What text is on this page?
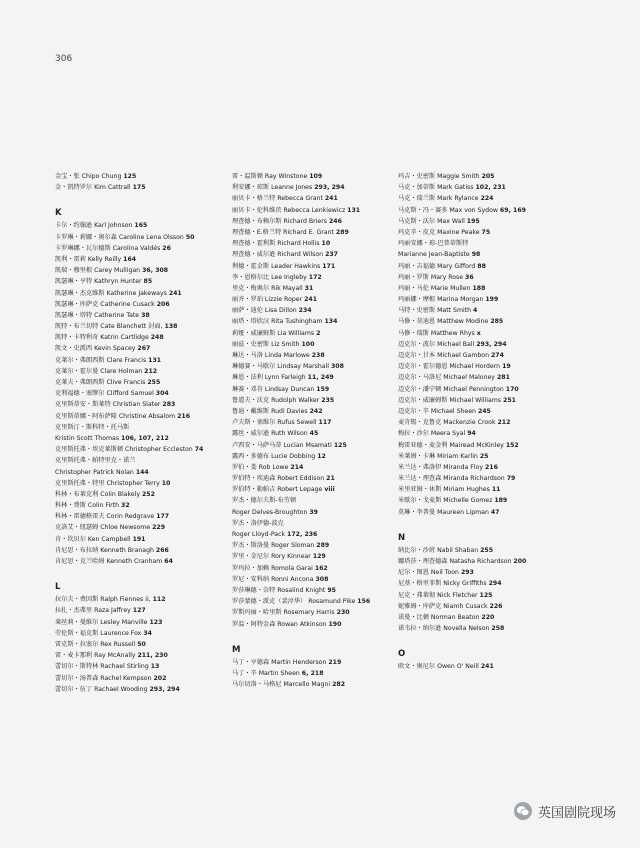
306
金宝・张 Chipo Chung 125
金・凯特罗尔 Kim Cattrall 175
K
卡尔・约翰逊 Karl Johnson 165
卡罗琳・莉娜・奥尔森 Caroline Lena Olsson 50
卡罗琳娜・瓦尔德斯 Carolina Valdés 26
凯利・雷莉 Kelly Reilly 164
凯瑞・穆里根 Carey Mulligan 36, 308
凯瑟琳・亨特 Kathryn Hunter 85
凯瑟琳・杰克维斯 Katherine Jakeways 241
凯瑟琳・库萨克 Catherine Cusack 206
凯瑟琳・塔特 Catherine Tate 38
凯特・布兰切特 Cate Blanchett 封面, 138
凯特・卡特利奇 Katrin Cartlidge 248
凯文・史派西 Kevin Spacey 267
克莱尔・弗朗西斯 Clare Francis 131
克莱尔・霍尔曼 Clare Holman 212
克莱夫・弗朗西斯 Clive Francis 255
克利福德・塞缪尔 Clifford Samuel 304
克里斯蒂安・斯莱特 Christian Slater 283
克里斯蒂娜・阿布萨隆 Christine Absalom 216
克里斯汀・斯科特・托马斯
Kristin Scott Thomas 106, 107, 212
克里斯托弗・埃克莱斯顿 Christopher Eccleston 74
克里斯托弗・帕特里克・诺兰
Christopher Patrick Nolan 144
克里斯托弗・特里 Christopher Terry 10
科林・布莱克利 Colin Blakely 252
科林・费斯 Colin Firth 32
科林・雷德格雷夫 Corin Redgrave 177
克洛艾・纽瑟姆 Chloe Newsome 229
肯・坎贝尔 Ken Campbell 191
肯尼思・布拉纳 Kenneth Branagh 266
肯尼思・克兰哈姆 Kenneth Cranham 64
L
拉尔夫・费因斯 Ralph Fiennes ii, 112
拉扎・杰弗里 Raza Jaffrey 127
莱丝莉・曼维尔 Lesley Manville 123
劳伦斯・福克斯 Laurence Fox 34
雷克斯・拉塞尔 Rex Russell 50
雷・麦卡那利 Ray McAnally 211, 230
蕾切尔・斯特林 Rachael Stirling 13
蕾切尔・汤普森 Rachel Kempson 202
蕾切尔・伍丁 Rachael Wooding 293, 294
雷・温斯顿 Ray Winstone 109
利安娜・琼斯 Leanne Jones 293, 294
丽贝卡・格兰特 Rebecca Grant 241
丽贝卡・伦科维茨 Rebecca Lenkiewicz 131
理查德・布赖尔斯 Richard Briers 246
理查德・E.格兰特 Richard E. Grant 289
理查德・霍利斯 Richard Hollis 10
理查德・威尔逊 Richard Wilson 237
利德・霍金斯 Leader Hawkins 171
李・恩格尔比 Lee Ingleby 172
里克・梅奥尔 Rik Mayall 31
丽齐・罗珀 Lizzie Roper 241
丽萨・迪伦 Lisa Dillon 234
丽塔・塔欣汉 Rita Tushingham 134
莉娅・威廉姆斯 Lia Williams 2
丽兹・史密斯 Liz Smith 100
琳达・马洛 Linda Marlowe 238
琳德赛・马歇尔 Lindsay Marshall 308
琳恩・法利 Lynn Farleigh 11, 249
琳赛・邓肯 Lindsay Duncan 159
鲁道夫・沃克 Rudolph Walker 235
鲁迪・戴维斯 Rudi Davies 242
卢夫斯・塞维尔 Rufus Sewell 117
露丝・威尔逊 Ruth Wilson 45
卢西安・马萨马蒂 Lucian Msamati 125
露西・多德布 Lucie Dobbing 12
罗伯・娄 Rob Lowe 214
罗伯特・埃迪森 Robert Eddison 21
罗伯特・勒帕吉 Robert Lepage viii
罗杰・德尔夫斯-布劳顿
Roger Delves-Broughton 39
罗杰・洛伊德-波克
Roger Lloyd-Pack 172, 236
罗杰・斯洛曼 Roger Sloman 289
罗里・金尼尔 Rory Kinnear 129
罗玛拉・加赖 Romola Garai 162
罗尼・安科纳 Ronni Ancona 308
罗莎琳德・奈特 Rosalind Knight 95
罗莎蒙德・派克（裴淳华） Rosamund Pike 156
罗斯玛丽・哈里斯 Rosemary Harris 230
罗温・阿特金森 Rowan Atkinson 190
M
马丁・亨德森 Martin Henderson 219
马丁・辛 Martin Sheen 6, 218
马尔切洛・马格尼 Marcello Magni 282
玛吉・史密斯 Maggie Smith 205
马克・加蒂斯 Mark Gatiss 102, 231
马克・瑞兰斯 Mark Rylance 224
马克斯・冯・赛多 Max von Sydow 69, 169
马克斯・沃尔 Max Wall 195
玛克辛・皮克 Maxine Peake 75
玛丽安娜・琼-巴普蒂斯特
Marianne Jean-Baptiste 98
玛丽・吉福德 Mary Gifford 88
玛丽・罗斯 Mary Rose 36
玛丽・马伦 Marie Mullen 188
玛丽娜・摩根 Marina Morgan 199
马特・史密斯 Matt Smith 4
马修・莫迪恩 Matthew Modine 285
马修・瑞斯 Matthew Rhys x
迈克尔・波尔 Michael Ball 293, 294
迈克尔・甘本 Michael Gambon 274
迈克尔・霍尔德恩 Michael Hordern 19
迈克尔・马洛尼 Michael Maloney 281
迈克尔・潘宁顿 Michael Pennington 170
迈克尔・威廉姆斯 Michael Williams 251
迈克尔・辛 Michael Sheen 245
麦肯锡・克鲁克 Mackenzie Crook 212
梅拉・沙尔 Meera Syal 94
梅雷亚德・麦金利 Mairead McKinley 152
米莱姆・卡琳 Miriam Karlin 25
米兰达・弗洛伊 Miranda Floy 216
米兰达・理查森 Miranda Richardson 79
米里亚姆・休斯 Miriam Hughes 11
米歇尔・戈麦斯 Michelle Gomez 189
莫琳・李普曼 Maureen Lipman 47
N
纳比尔・沙班 Nabil Shaban 255
娜塔莎・理查德森 Natasha Richardson 200
尼尔・图恩 Neil Toon 293
尼基・格里菲斯 Nicky Griffiths 294
尼克・弗莱彻 Nick Fletcher 125
妮雅姆・库萨克 Niamh Cusack 226
诺曼・比顿 Norman Beaton 220
诺韦拉・纳尔逊 Novella Nelson 258
O
欧文・奥尼尔 Owen O' Neill 241
英国剧院现场
